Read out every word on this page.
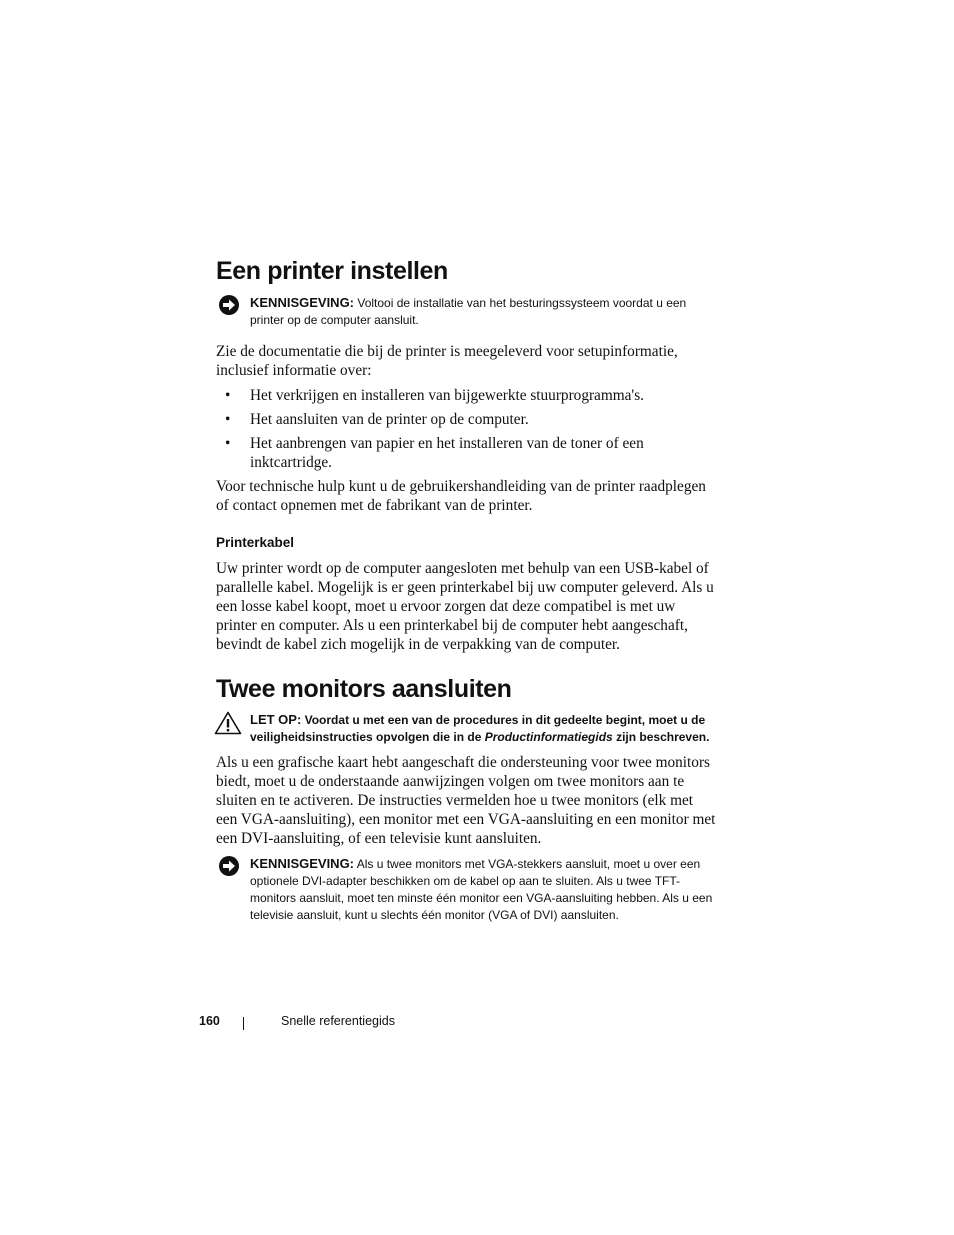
Een printer instellen
KENNISGEVING: Voltooi de installatie van het besturingssysteem voordat u een printer op de computer aansluit.

Zie de documentatie die bij de printer is meegeleverd voor setupinformatie, inclusief informatie over:

• Het verkrijgen en installeren van bijgewerkte stuurprogramma's.
• Het aansluiten van de printer op de computer.
• Het aanbrengen van papier en het installeren van de toner of een inktcartridge.

Voor technische hulp kunt u de gebruikershandleiding van de printer raadplegen of contact opnemen met de fabrikant van de printer.

Printerkabel

Uw printer wordt op de computer aangesloten met behulp van een USB-kabel of parallelle kabel. Mogelijk is er geen printerkabel bij uw computer geleverd. Als u een losse kabel koopt, moet u ervoor zorgen dat deze compatibel is met uw printer en computer. Als u een printerkabel bij de computer hebt aangeschaft, bevindt de kabel zich mogelijk in de verpakking van de computer.

Twee monitors aansluiten
LET OP: Voordat u met een van de procedures in dit gedeelte begint, moet u de veiligheidsinstructies opvolgen die in de Productinformatiegids zijn beschreven.

Als u een grafische kaart hebt aangeschaft die ondersteuning voor twee monitors biedt, moet u de onderstaande aanwijzingen volgen om twee monitors aan te sluiten en te activeren. De instructies vermelden hoe u twee monitors (elk met een VGA-aansluiting), een monitor met een VGA-aansluiting en een monitor met een DVI-aansluiting, of een televisie kunt aansluiten.

KENNISGEVING: Als u twee monitors met VGA-stekkers aansluit, moet u over een optionele DVI-adapter beschikken om de kabel op aan te sluiten. Als u twee TFT-monitors aansluit, moet ten minste één monitor een VGA-aansluiting hebben. Als u een televisie aansluit, kunt u slechts één monitor (VGA of DVI) aansluiten.
160	Snelle referentiegids
